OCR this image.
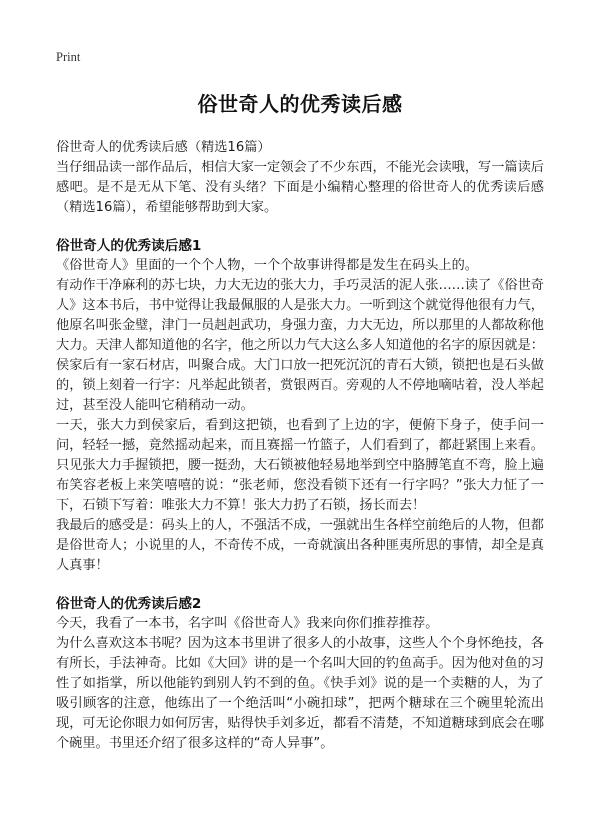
Print
俗世奇人的优秀读后感
俗世奇人的优秀读后感（精选16篇）

当仔细品读一部作品后，相信大家一定领会了不少东西，不能光会读哦，写一篇读后感吧。是不是无从下笔、没有头绪？下面是小编精心整理的俗世奇人的优秀读后感（精选16篇），希望能够帮助到大家。

俗世奇人的优秀读后感1

《俗世奇人》里面的一个个人物，一个个故事讲得都是发生在码头上的。

有动作干净麻利的苏七块，力大无边的张大力，手巧灵活的泥人张……读了《俗世奇人》这本书后，书中觉得让我最佩服的人是张大力。一听到这个就觉得他很有力气，他原名叫张金璧，津门一员赳赳武功，身强力蛮，力大无边，所以那里的人都故称他大力。天津人都知道他的名字，他之所以力气大这么多人知道他的名字的原因就是：侯家后有一家石材店，叫聚合成。大门口放一把死沉沉的青石大锁，锁把也是石头做的，锁上刻着一行字：凡举起此锁者，赏银两百。旁观的人不停地嘀咕着，没人举起过，甚至没人能叫它稍稍动一动。

一天，张大力到侯家后，看到这把锁，也看到了上边的字，便俯下身子，使手问一问，轻轻一撼，竟然摇动起来，而且赛摇一竹篮子，人们看到了，都赶紧围上来看。只见张大力手握锁把，腰一挺劲，大石锁被他轻易地举到空中胳膊笔直不弯，脸上遍布笑容老板上来笑嘻嘻的说：“张老师，您没看锁下还有一行字吗？”张大力怔了一下，石锁下写着：唯张大力不算！张大力扔了石锁，扬长而去！

我最后的感受是：码头上的人，不强活不成，一强就出生各样空前绝后的人物，但都是俗世奇人；小说里的人，不奇传不成，一奇就演出各种匪夷所思的事情，却全是真人真事！

俗世奇人的优秀读后感2

今天，我看了一本书，名字叫《俗世奇人》我来向你们推荐推荐。

为什么喜欢这本书呢？因为这本书里讲了很多人的小故事，这些人个个身怀绝技，各有所长，手法神奇。比如《大回》讲的是一个名叫大回的钓鱼高手。因为他对鱼的习性了如指掌，所以他能钓到别人钓不到的鱼。《快手刘》说的是一个卖糖的人，为了吸引顾客的注意，他练出了一个绝活叫“小碗扣球”，把两个糖球在三个碗里轮流出现，可无论你眼力如何厉害，贴得快手刘多近，都看不清楚，不知道糖球到底会在哪个碗里。书里还介绍了很多这样的“奇人异事”。
